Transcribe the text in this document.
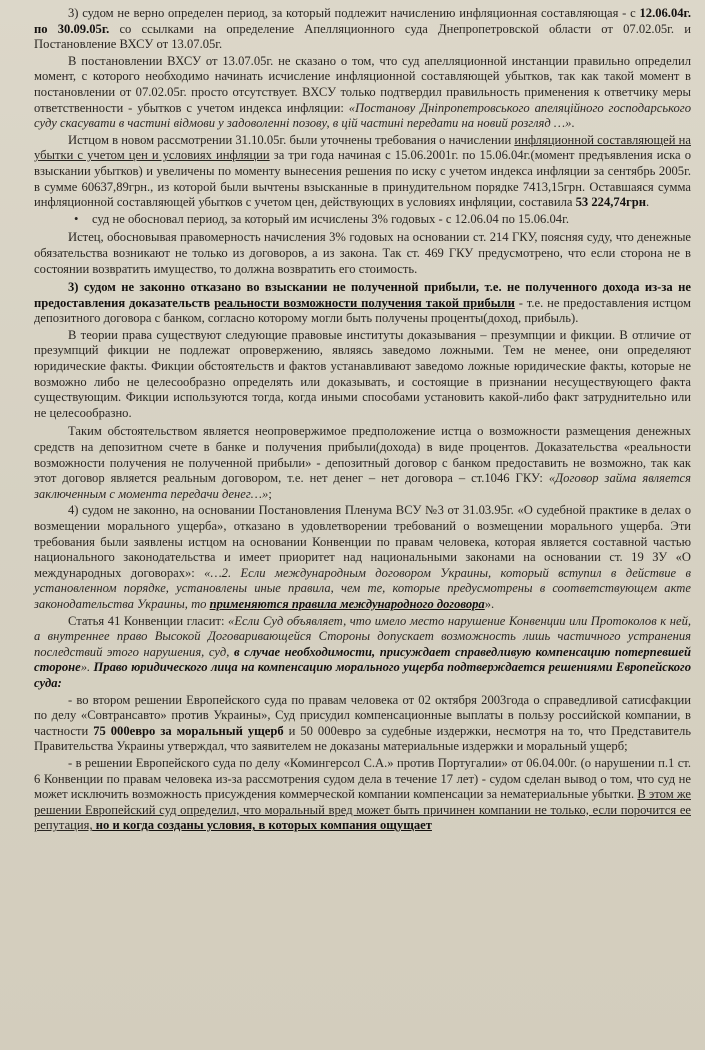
3) судом не верно определен период, за который подлежит начислению инфляционная составляющая - с 12.06.04г. по 30.09.05г. со ссылками на определение Апелляционного суда Днепропетровской области от 07.02.05г. и Постановление ВХСУ от 13.07.05г.

В постановлении ВХСУ от 13.07.05г. не сказано о том, что суд апелляционной инстанции правильно определил момент, с которого необходимо начинать исчисление инфляционной составляющей убытков, так как такой момент в постановлении от 07.02.05г. просто отсутствует. ВХСУ только подтвердил правильность применения к ответчику меры ответственности - убытков с учетом индекса инфляции: «Постанову Дніпропетровського апеляційного господарського суду скасувати в частині відмови у задоволенні позову, в цій частині передати на новий розгляд …».

Истцом в новом рассмотрении 31.10.05г. были уточнены требования о начислении инфляционной составляющей на убытки с учетом цен и условиях инфляции за три года начиная с 15.06.2001г. по 15.06.04г.(момент предъявления иска о взыскании убытков) и увеличены по моменту вынесения решения по иску с учетом индекса инфляции за сентябрь 2005г. в сумме 60637,89грн., из которой были вычтены взысканные в принудительном порядке 7413,15грн. Оставшаяся сумма инфляционной составляющей убытков с учетом цен, действующих в условиях инфляции, составила 53 224,74грн.

• суд не обосновал период, за который им исчислены 3% годовых - с 12.06.04 по 15.06.04г.

Истец, обосновывая правомерность начисления 3% годовых на основании ст. 214 ГКУ, поясняя суду, что денежные обязательства возникают не только из договоров, а из закона. Так ст. 469 ГКУ предусмотрено, что если сторона не в состоянии возвратить имущество, то должна возвратить его стоимость.

3) судом не законно отказано во взыскании не полученной прибыли, т.е. не полученного дохода из-за не предоставления доказательств реальности возможности получения такой прибыли - т.е. не предоставления истцом депозитного договора с банком, согласно которому могли быть получены проценты(доход, прибыль).

В теории права существуют следующие правовые институты доказывания – презумпции и фикции. В отличие от презумпций фикции не подлежат опровержению, являясь заведомо ложными. Тем не менее, они определяют юридические факты. Фикции обстоятельств и фактов устанавливают заведомо ложные юридические факты, которые не возможно либо не целесообразно определять или доказывать, и состоящие в признании несуществующего факта существующим. Фикции используются тогда, когда иными способами установить какой-либо факт затруднительно или не целесообразно.

Таким обстоятельством является неопровержимое предположение истца о возможности размещения денежных средств на депозитном счете в банке и получения прибыли(дохода) в виде процентов. Доказательства «реальности возможности получения не полученной прибыли» - депозитный договор с банком предоставить не возможно, так как этот договор является реальным договором, т.е. нет денег – нет договора – ст.1046 ГКУ: «Договор займа является заключенным с момента передачи денег…»;

4) судом не законно, на основании Постановления Пленума ВСУ №3 от 31.03.95г. «О судебной практике в делах о возмещении морального ущерба», отказано в удовлетворении требований о возмещении морального ущерба. Эти требования были заявлены истцом на основании Конвенции по правам человека, которая является составной частью национального законодательства и имеет приоритет над национальными законами на основании ст. 19 ЗУ «О международных договорах»: «…2. Если международным договором Украины, который вступил в действие в установленном порядке, установлены иные правила, чем те, которые предусмотрены в соответствующем акте законодательства Украины, то применяются правила международного договора».

Статья 41 Конвенции гласит: «Если Суд объявляет, что имело место нарушение Конвенции или Протоколов к ней, а внутреннее право Высокой Договаривающейся Стороны допускает возможность лишь частичного устранения последствий этого нарушения, суд, в случае необходимости, присуждает справедливую компенсацию потерпевшей стороне». Право юридического лица на компенсацию морального ущерба подтверждается решениями Европейского суда:

- во втором решении Европейского суда по правам человека от 02 октября 2003года о справедливой сатисфакции по делу «Совтрансавто» против Украины», Суд присудил компенсационные выплаты в пользу российской компании, в частности 75 000евро за моральный ущерб и 50 000евро за судебные издержки, несмотря на то, что Представитель Правительства Украины утверждал, что заявителем не доказаны материальные издержки и моральный ущерб;

- в решении Европейского суда по делу «Комингерсол С.А.» против Португалии» от 06.04.00г. (о нарушении п.1 ст. 6 Конвенции по правам человека из-за рассмотрения судом дела в течение 17 лет) - судом сделан вывод о том, что суд не может исключить возможность присуждения коммерческой компании компенсации за нематериальные убытки. В этом же решении Европейский суд определил, что моральный вред может быть причинен компании не только, если порочится ее репутация, но и когда созданы условия, в которых компания ощущает
